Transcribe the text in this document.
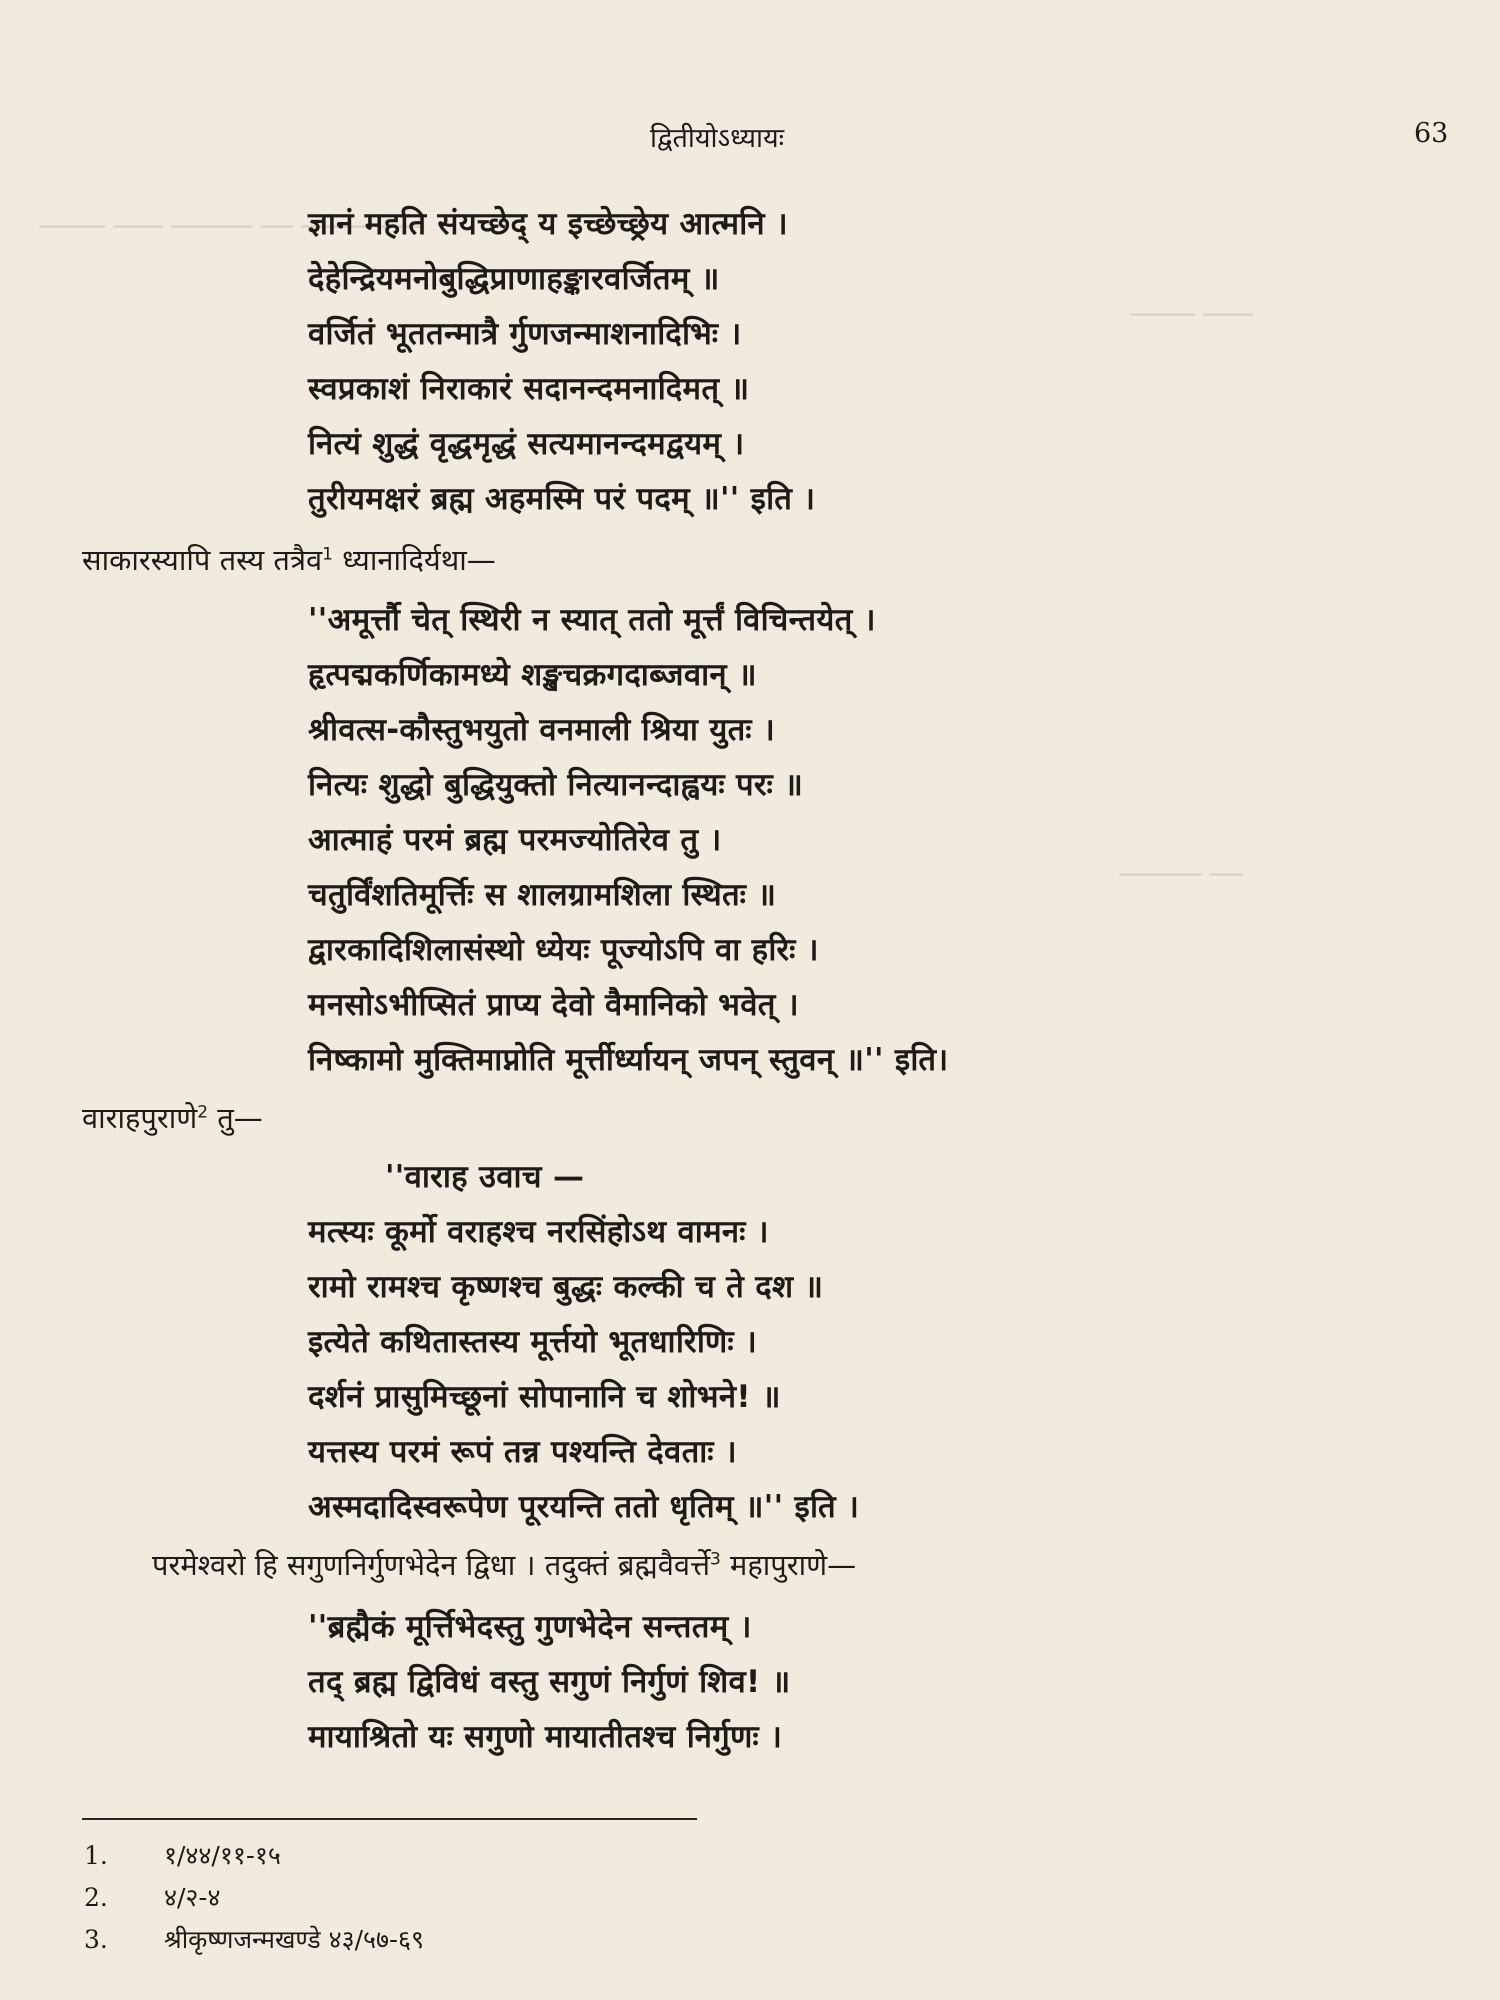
──── ─── ───── ── ──── ───
──── ───
───── ──
द्वितीयोऽध्यायः	63
ज्ञानं महति संयच्छेद् य इच्छेच्छ्रेय आत्मनि ।
देहेन्द्रियमनोबुद्धिप्राणाहङ्कारवर्जितम् ॥
वर्जितं भूततन्मात्रै र्गुणजन्माशनादिभिः ।
स्वप्रकाशं निराकारं सदानन्दमनादिमत् ॥
नित्यं शुद्धं वृद्धमृद्धं सत्यमानन्दमद्वयम् ।
तुरीयमक्षरं ब्रह्म अहमस्मि परं पदम् ॥'' इति ।
साकारस्यापि तस्य तत्रैव$^1$ ध्यानादिर्यथा—
''अमूर्त्तौ चेत् स्थिरी न स्यात् ततो मूर्त्तं विचिन्तयेत् ।
हृत्पद्मकर्णिकामध्ये शङ्खचक्रगदाब्जवान् ॥
श्रीवत्स-कौस्तुभयुतो वनमाली श्रिया युतः ।
नित्यः शुद्धो बुद्धियुक्तो नित्यानन्दाह्वयः परः ॥
आत्माहं परमं ब्रह्म परमज्योतिरेव तु ।
चतुर्विंशतिमूर्त्तिः स शालग्रामशिला स्थितः ॥
द्वारकादिशिलासंस्थो ध्येयः पूज्योऽपि वा हरिः ।
मनसोऽभीप्सितं प्राप्य देवो वैमानिको भवेत् ।
निष्कामो मुक्तिमाप्नोति मूर्त्तीर्ध्यायन् जपन् स्तुवन् ॥'' इति।
वाराहपुराणे$^2$ तु—
''वाराह उवाच —
मत्स्यः कूर्मो वराहश्च नरसिंहोऽथ वामनः ।
रामो रामश्च कृष्णश्च बुद्धः कल्की च ते दश ॥
इत्येते कथितास्तस्य मूर्त्तयो भूतधारिणिः ।
दर्शनं प्रासुमिच्छूनां सोपानानि च शोभने! ॥
यत्तस्य परमं रूपं तन्न पश्यन्ति देवताः ।
अस्मदादिस्वरूपेण पूरयन्ति ततो धृतिम् ॥'' इति ।
परमेश्वरो हि सगुणनिर्गुणभेदेन द्विधा । तदुक्तं ब्रह्मवैवर्त्ते$^3$ महापुराणे—
''ब्रह्मैकं मूर्त्तिभेदस्तु गुणभेदेन सन्ततम् ।
तद् ब्रह्म द्विविधं वस्तु सगुणं निर्गुणं शिव! ॥
मायाश्रितो यः सगुणो मायातीतश्च निर्गुणः ।
1. १/४४/११-१५
2. ४/२-४
3. श्रीकृष्णजन्मखण्डे ४३/५७-६९
